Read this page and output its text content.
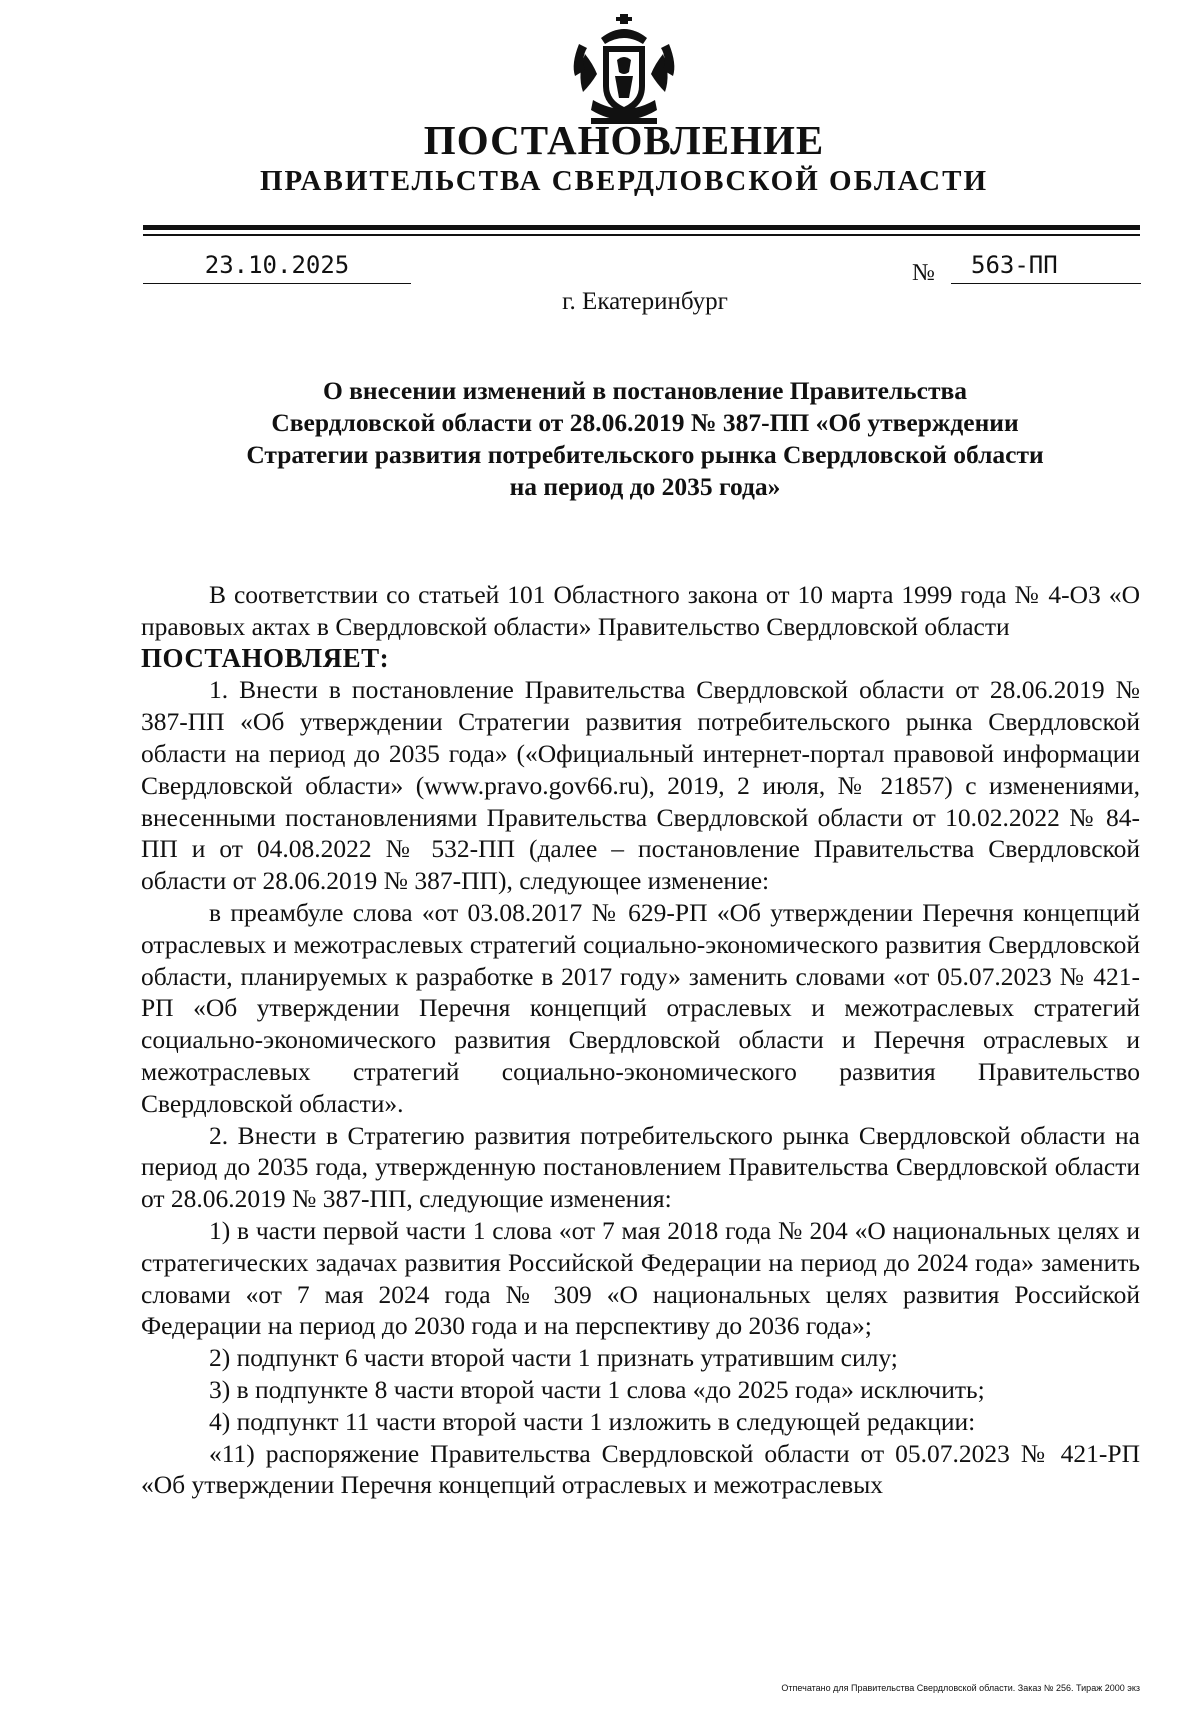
ПОСТАНОВЛЕНИЕ
ПРАВИТЕЛЬСТВА СВЕРДЛОВСКОЙ ОБЛАСТИ
23.10.2025	№	563-ПП
г. Екатеринбург
О внесении изменений в постановление Правительства
Свердловской области от 28.06.2019 № 387-ПП «Об утверждении
Стратегии развития потребительского рынка Свердловской области
на период до 2035 года»

В соответствии со статьей 101 Областного закона от 10 марта 1999 года № 4-ОЗ «О правовых актах в Свердловской области» Правительство Свердловской области

ПОСТАНОВЛЯЕТ:

1. Внести в постановление Правительства Свердловской области от 28.06.2019 № 387-ПП «Об утверждении Стратегии развития потребительского рынка Свердловской области на период до 2035 года» («Официальный интернет-портал правовой информации Свердловской области» (www.pravo.gov66.ru), 2019, 2 июля, № 21857) с изменениями, внесенными постановлениями Правительства Свердловской области от 10.02.2022 № 84-ПП и от 04.08.2022 № 532-ПП (далее – постановление Правительства Свердловской области от 28.06.2019 № 387-ПП), следующее изменение:

в преамбуле слова «от 03.08.2017 № 629-РП «Об утверждении Перечня концепций отраслевых и межотраслевых стратегий социально-экономического развития Свердловской области, планируемых к разработке в 2017 году» заменить словами «от 05.07.2023 № 421-РП «Об утверждении Перечня концепций отраслевых и межотраслевых стратегий социально-экономического развития Свердловской области и Перечня отраслевых и межотраслевых стратегий социально-экономического развития Правительство Свердловской области».

2. Внести в Стратегию развития потребительского рынка Свердловской области на период до 2035 года, утвержденную постановлением Правительства Свердловской области от 28.06.2019 № 387-ПП, следующие изменения:

1) в части первой части 1 слова «от 7 мая 2018 года № 204 «О национальных целях и стратегических задачах развития Российской Федерации на период до 2024 года» заменить словами «от 7 мая 2024 года № 309 «О национальных целях развития Российской Федерации на период до 2030 года и на перспективу до 2036 года»;

2) подпункт 6 части второй части 1 признать утратившим силу;

3) в подпункте 8 части второй части 1 слова «до 2025 года» исключить;

4) подпункт 11 части второй части 1 изложить в следующей редакции:

«11) распоряжение Правительства Свердловской области от 05.07.2023 № 421-РП «Об утверждении Перечня концепций отраслевых и межотраслевых

Отпечатано для Правительства Свердловской области. Заказ № 256. Тираж 2000 экз
